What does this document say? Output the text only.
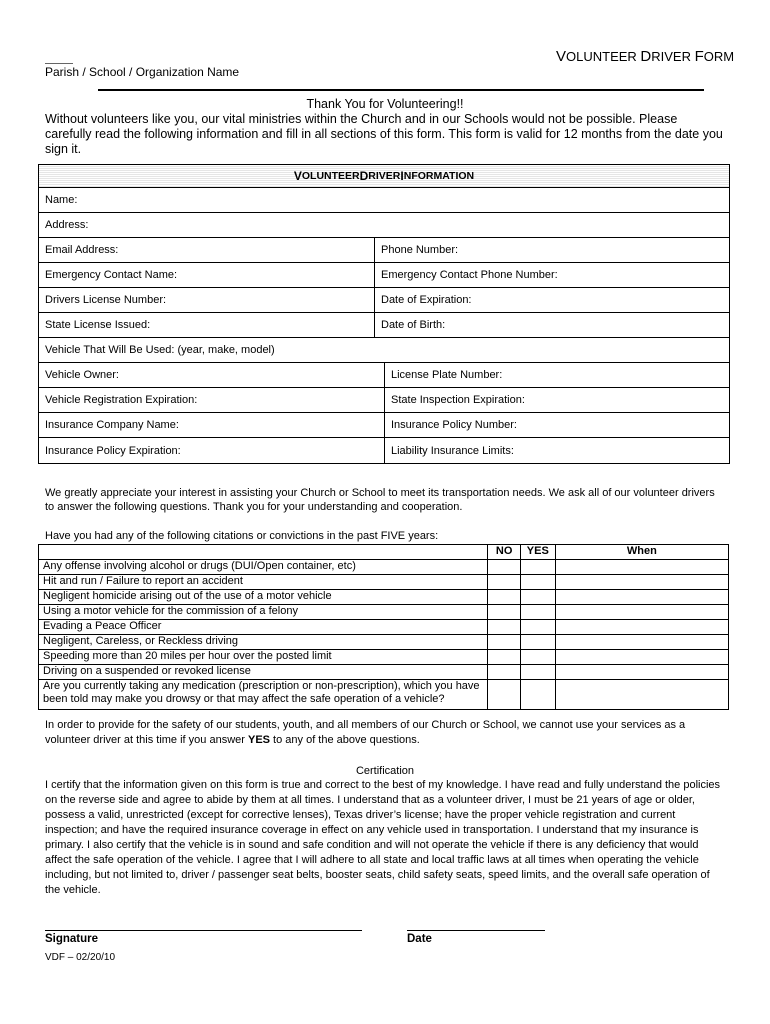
VOLUNTEER DRIVER FORM
Parish / School / Organization Name
Thank You for Volunteering!!
Without volunteers like you, our vital ministries within the Church and in our Schools would not be possible. Please carefully read the following information and fill in all sections of this form. This form is valid for 12 months from the date you sign it.
V OLUNTEER D RIVER I NFORMATION
Name:
Address:
Email Address:	Phone Number:
Emergency Contact Name:	Emergency Contact Phone Number:
Drivers License Number:	Date of Expiration:
State License Issued:	Date of Birth:
Vehicle That Will Be Used: (year, make, model)
Vehicle Owner:	License Plate Number:
Vehicle Registration Expiration:	State Inspection Expiration:
Insurance Company Name:	Insurance Policy Number:
Insurance Policy Expiration:	Liability Insurance Limits:
We greatly appreciate your interest in assisting your Church or School to meet its transportation needs. We ask all of our volunteer drivers to answer the following questions. Thank you for your understanding and cooperation.
Have you had any of the following citations or convictions in the past FIVE years:
	NO	YES	When
Any offense involving alcohol or drugs (DUI/Open container, etc)			
Hit and run / Failure to report an accident			
Negligent homicide arising out of the use of a motor vehicle			
Using a motor vehicle for the commission of a felony			
Evading a Peace Officer			
Negligent, Careless, or Reckless driving			
Speeding more than 20 miles per hour over the posted limit			
Driving on a suspended or revoked license			
Are you currently taking any medication (prescription or non-prescription), which you have been told may make you drowsy or that may affect the safe operation of a vehicle?			
In order to provide for the safety of our students, youth, and all members of our Church or School, we cannot use your services as a volunteer driver at this time if you answer YES to any of the above questions.
Certification
I certify that the information given on this form is true and correct to the best of my knowledge. I have read and fully understand the policies on the reverse side and agree to abide by them at all times. I understand that as a volunteer driver, I must be 21 years of age or older, possess a valid, unrestricted (except for corrective lenses), Texas driver’s license; have the proper vehicle registration and current inspection; and have the required insurance coverage in effect on any vehicle used in transportation. I understand that my insurance is primary. I also certify that the vehicle is in sound and safe condition and will not operate the vehicle if there is any deficiency that would affect the safe operation of the vehicle. I agree that I will adhere to all state and local traffic laws at all times when operating the vehicle including, but not limited to, driver / passenger seat belts, booster seats, child safety seats, speed limits, and the overall safe operation of the vehicle.
Signature	Date
VDF – 02/20/10
